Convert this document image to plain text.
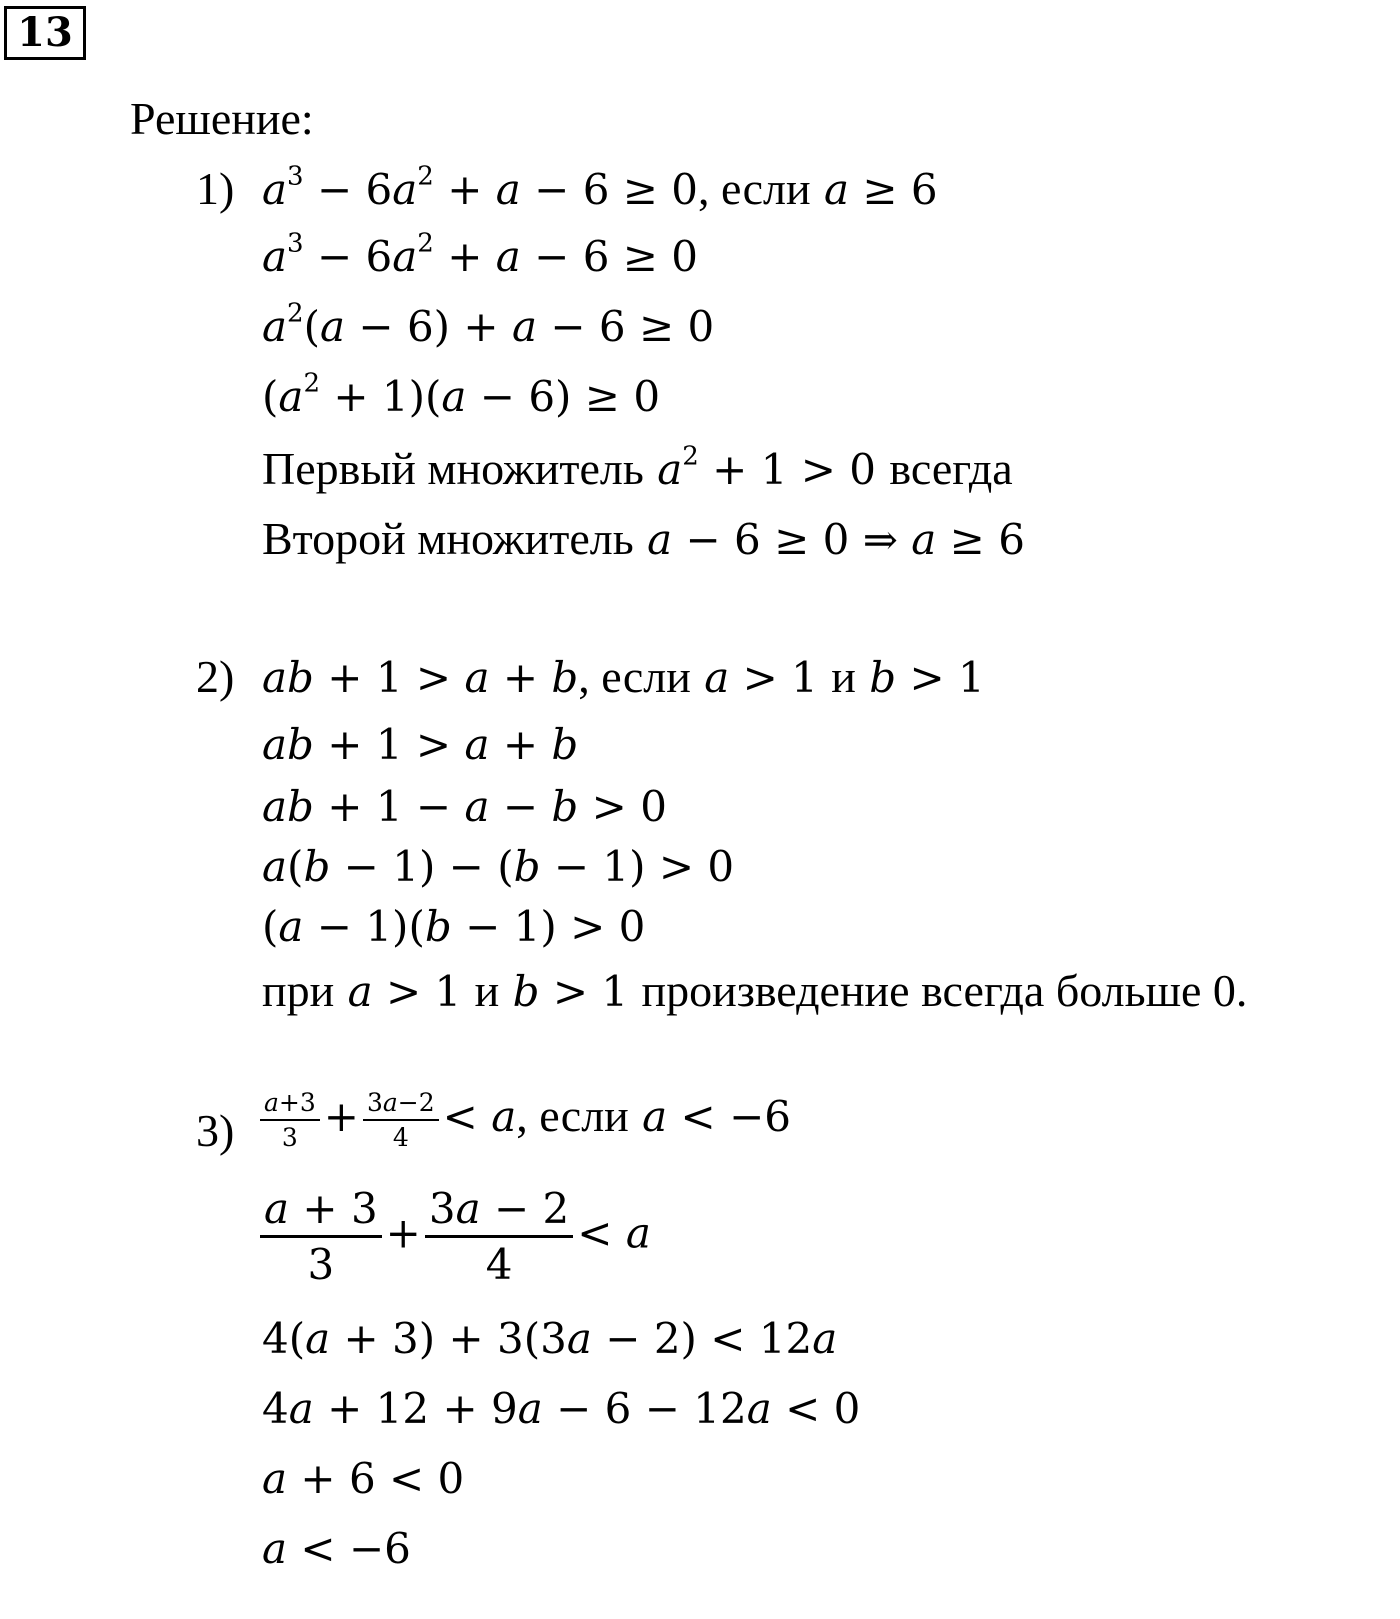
13
Решение:
1) $a^3 - 6a^2 + a - 6 \ge 0$, если a ≥ 6
$a^3 - 6a^2 + a - 6 \ge 0$
$a^2(a - 6) + a - 6 \ge 0$
$(a^2 + 1)(a - 6) \ge 0$
Первый множитель $a^2 + 1 > 0$ всегда
Второй множитель a − 6 ≥ 0 ⇒ a ≥ 6
2) ab + 1 > a + b, если a > 1 и b > 1
ab + 1 > a + b
ab + 1 − a − b > 0
a(b − 1) − (b − 1) > 0
(a − 1)(b − 1) > 0
при a > 1 и b > 1 произведение всегда больше 0.
$3) \frac{a+3}{3} + \frac{3a-2}{4} < a$, если a < −6
$\frac{a + 3}{3} + \frac{3a - 2}{4} < a$
4(a + 3) + 3(3a − 2) < 12a
4a + 12 + 9a − 6 − 12a < 0
a + 6 < 0
a < −6
